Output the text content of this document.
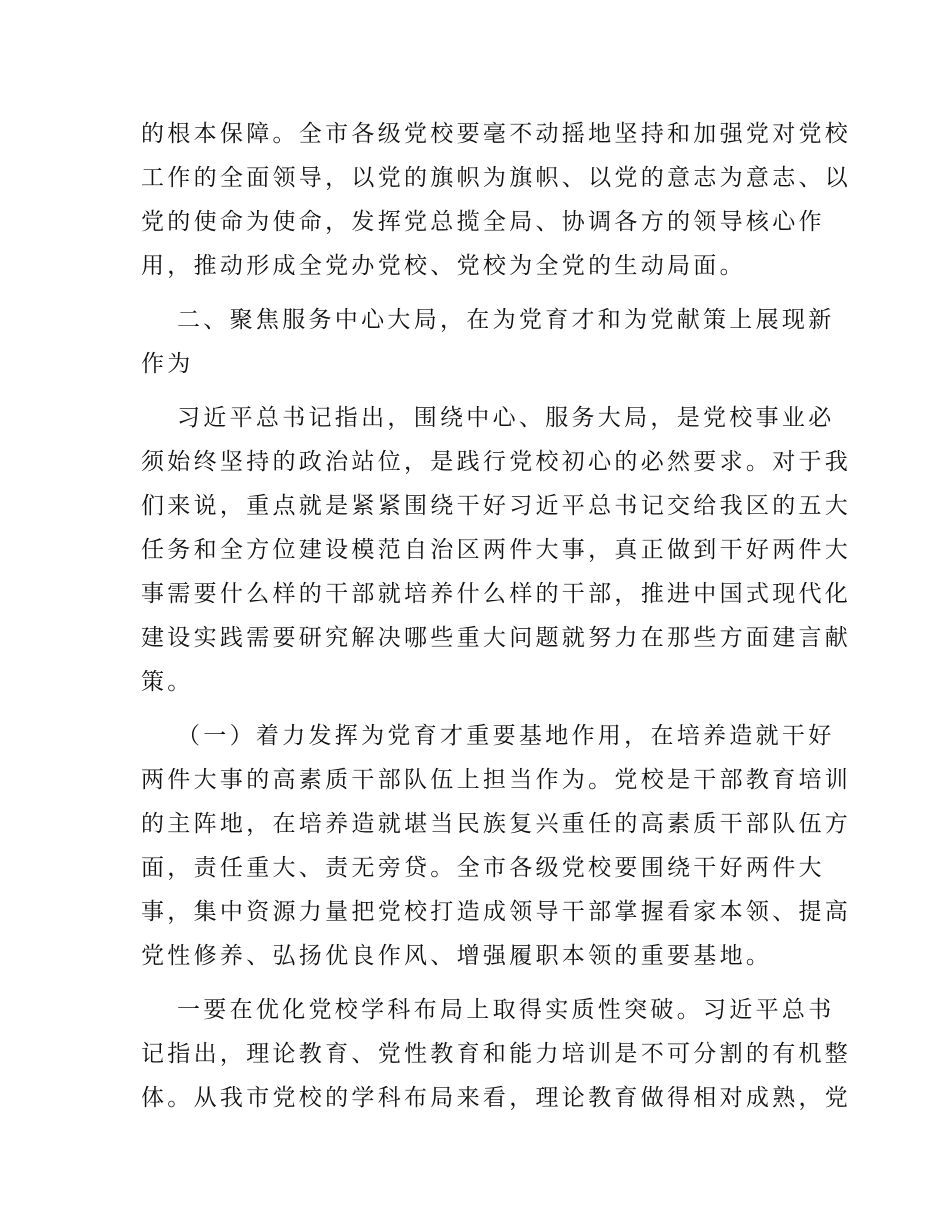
的根本保障。全市各级党校要毫不动摇地坚持和加强党对党校
工作的全面领导，以党的旗帜为旗帜、以党的意志为意志、以
党的使命为使命，发挥党总揽全局、协调各方的领导核心作
用，推动形成全党办党校、党校为全党的生动局面。

二、聚焦服务中心大局，在为党育才和为党献策上展现新
作为

习近平总书记指出，围绕中心、服务大局，是党校事业必
须始终坚持的政治站位，是践行党校初心的必然要求。对于我
们来说，重点就是紧紧围绕干好习近平总书记交给我区的五大
任务和全方位建设模范自治区两件大事，真正做到干好两件大
事需要什么样的干部就培养什么样的干部，推进中国式现代化
建设实践需要研究解决哪些重大问题就努力在那些方面建言献
策。

（一）着力发挥为党育才重要基地作用，在培养造就干好
两件大事的高素质干部队伍上担当作为。党校是干部教育培训
的主阵地，在培养造就堪当民族复兴重任的高素质干部队伍方
面，责任重大、责无旁贷。全市各级党校要围绕干好两件大
事，集中资源力量把党校打造成领导干部掌握看家本领、提高
党性修养、弘扬优良作风、增强履职本领的重要基地。

一要在优化党校学科布局上取得实质性突破。习近平总书
记指出，理论教育、党性教育和能力培训是不可分割的有机整
体。从我市党校的学科布局来看，理论教育做得相对成熟，党
